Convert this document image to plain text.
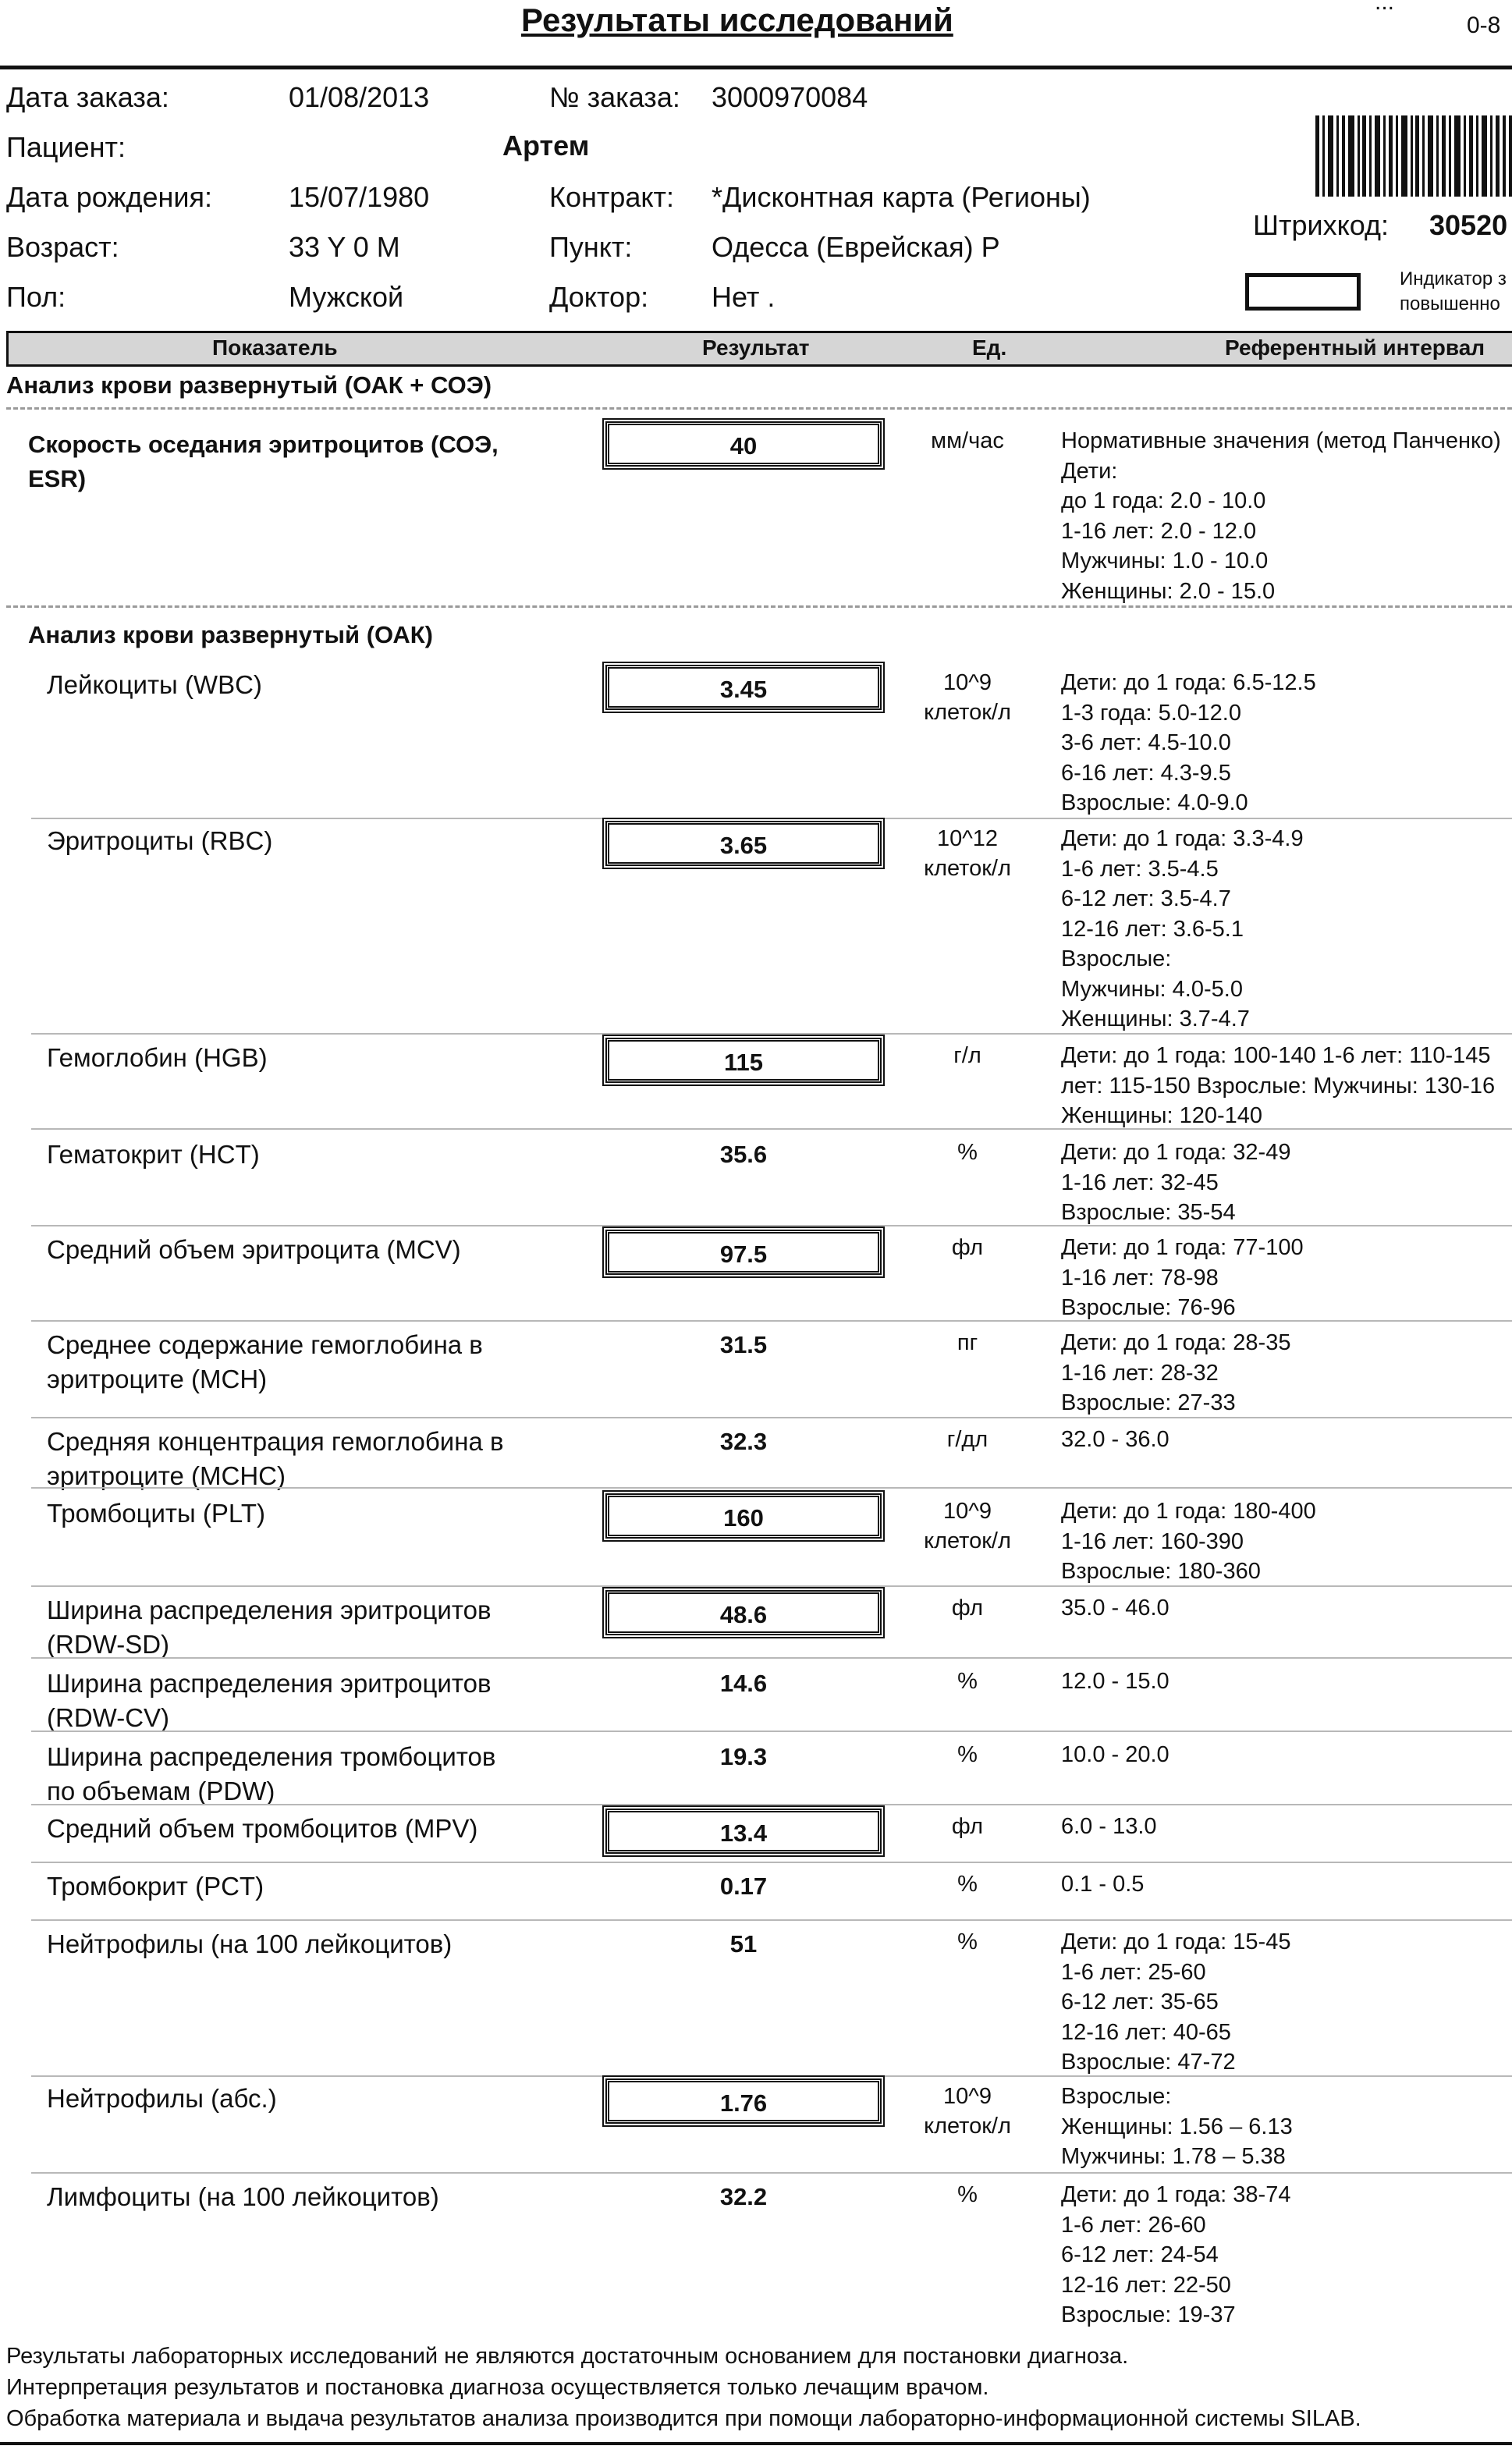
Результаты исследований	...
0-8
Дата заказа:	01/08/2013	№ заказа: 3000970084
Пациент:	Артем
Дата рождения:	15/07/1980	Контракт: *Дисконтная карта (Регионы)
Возраст:	33 Y 0 M	Пункт:	Одесса (Еврейская) Р
Пол:	Мужской	Доктор: Нет .
Штрихкод: 30520
Индикатор з
повышенно
Показатель	Результат	Ед.	Референтный интервал
Анализ крови развернутый (ОАК + СОЭ)
Скорость оседания эритроцитов (СОЭ, ESR)
40	мм/час	Нормативные значения (метод Панченко)
Дети:
до 1 года: 2.0 - 10.0
1-16 лет: 2.0 - 12.0
Мужчины: 1.0 - 10.0
Женщины: 2.0 - 15.0
Анализ крови развернутый (ОАК)
Лейкоциты (WBC)	3.45	10^9
клеток/л
Дети: до 1 года: 6.5-12.5
1-3 года: 5.0-12.0
3-6 лет: 4.5-10.0
6-16 лет: 4.3-9.5
Взрослые: 4.0-9.0
Эритроциты (RBC)	3.65	10^12
клеток/л
Дети: до 1 года: 3.3-4.9
1-6 лет: 3.5-4.5
6-12 лет: 3.5-4.7
12-16 лет: 3.6-5.1
Взрослые:
Мужчины: 4.0-5.0
Женщины: 3.7-4.7
Гемоглобин (HGB)	115	г/л	Дети: до 1 года: 100-140 1-6 лет: 110-145
лет: 115-150 Взрослые: Мужчины: 130-16
Женщины: 120-140
Гематокрит (HCT)	35.6	%	Дети: до 1 года: 32-49
1-16 лет: 32-45
Взрослые: 35-54
Средний объем эритроцита (MCV)	97.5	фл	Дети: до 1 года: 77-100
1-16 лет: 78-98
Взрослые: 76-96
Среднее содержание гемоглобина в эритроците (MCH)
31.5	пг	Дети: до 1 года: 28-35
1-16 лет: 28-32
Взрослые: 27-33
Средняя концентрация гемоглобина в эритроците (MCHC)
32.3	г/дл	32.0 - 36.0
Тромбоциты (PLT)	160	10^9
клеток/л
Дети: до 1 года: 180-400
1-16 лет: 160-390
Взрослые: 180-360
Ширина распределения эритроцитов (RDW-SD)
48.6	фл	35.0 - 46.0
Ширина распределения эритроцитов (RDW-CV)
14.6	%	12.0 - 15.0
Ширина распределения тромбоцитов по объемам (PDW)
19.3	%	10.0 - 20.0
Средний объем тромбоцитов (MPV)	13.4	фл	6.0 - 13.0
Тромбокрит (PCT)	0.17	%	0.1 - 0.5
Нейтрофилы (на 100 лейкоцитов)	51	%	Дети: до 1 года: 15-45
1-6 лет: 25-60
6-12 лет: 35-65
12-16 лет: 40-65
Взрослые: 47-72
Нейтрофилы (абс.)	1.76	10^9
клеток/л
Взрослые:
Женщины: 1.56 – 6.13
Мужчины: 1.78 – 5.38
Лимфоциты (на 100 лейкоцитов)	32.2	%	Дети: до 1 года: 38-74
1-6 лет: 26-60
6-12 лет: 24-54
12-16 лет: 22-50
Взрослые: 19-37
Результаты лабораторных исследований не являются достаточным основанием для постановки диагноза.
Интерпретация результатов и постановка диагноза осуществляется только лечащим врачом.
Обработка материала и выдача результатов анализа производится при помощи лабораторно-информационной системы SILAB.
